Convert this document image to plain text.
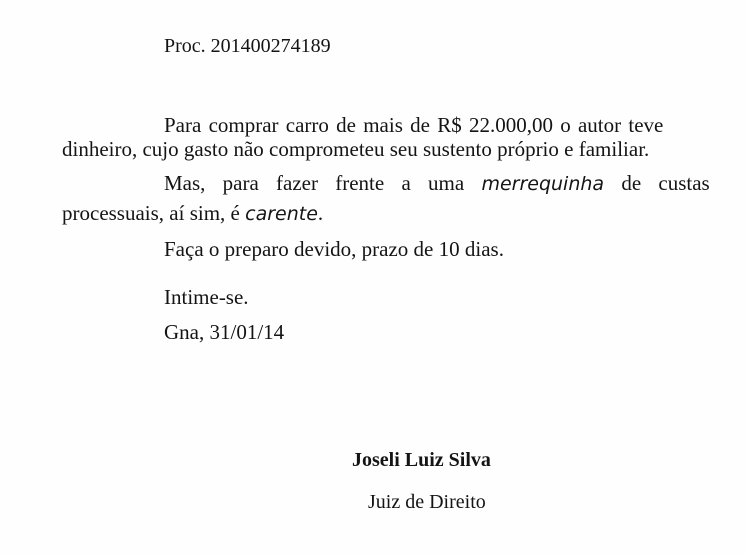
Proc. 201400274189
Para comprar carro de mais de R$ 22.000,00 o autor teve
dinheiro, cujo gasto não comprometeu seu sustento próprio e familiar.
Mas, para fazer frente a uma merrequinha de custas
processuais, aí sim, é carente.
Faça o preparo devido, prazo de 10 dias.
Intime-se.
Gna, 31/01/14
Joseli Luiz Silva
Juiz de Direito
